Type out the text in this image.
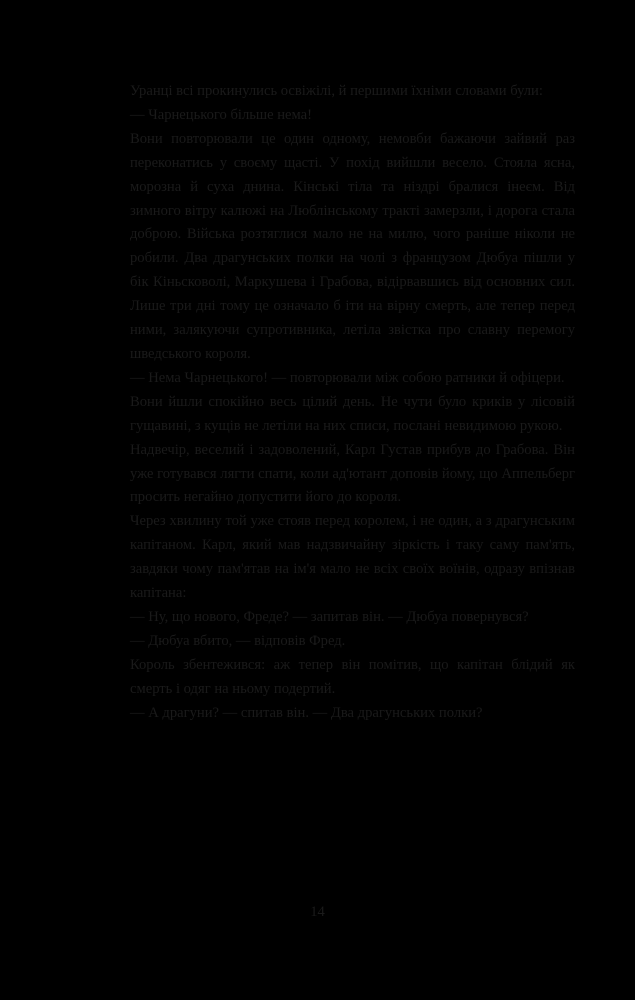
Уранці всі прокинулись освіжілі, й першими їхніми словами були:

— Чарнецького більше нема!

Вони повторювали це один одному, немовби бажаючи зайвий раз переконатись у своєму щасті. У похід вийшли весело. Стояла ясна, морозна й суха днина. Кінські тіла та ніздрі бралися інеєм. Від зимного вітру калюжі на Люблінському тракті замерзли, і дорога стала доброю. Війська розтяглися мало не на милю, чого раніше ніколи не робили. Два драгунських полки на чолі з французом Дюбуа пішли у бік Кіньсковолі, Маркушева і Грабова, відірвавшись від основних сил. Лише три дні тому це означало б іти на вірну смерть, але тепер перед ними, залякуючи супротивника, летіла звістка про славну перемогу шведського короля.

— Нема Чарнецького! — повторювали між собою ратники й офіцери.

Вони йшли спокійно весь цілий день. Не чути було криків у лісовій гущавині, з кущів не летіли на них списи, послані невидимою рукою.

Надвечір, веселий і задоволений, Карл Густав прибув до Грабова. Він уже готувався лягти спати, коли ад'ютант доповів йому, що Аппельберг просить негайно допустити його до короля.

Через хвилину той уже стояв перед королем, і не один, а з драгунським капітаном. Карл, який мав надзвичайну зіркість і таку саму пам'ять, завдяки чому пам'ятав на ім'я мало не всіх своїх воїнів, одразу впізнав капітана:

— Ну, що нового, Фреде? — запитав він. — Дюбуа повернувся?

— Дюбуа вбито, — відповів Фред.

Король збентежився: аж тепер він помітив, що капітан блідий як смерть і одяг на ньому подертий.

— А драгуни? — спитав він. — Два драгунських полки?

14
